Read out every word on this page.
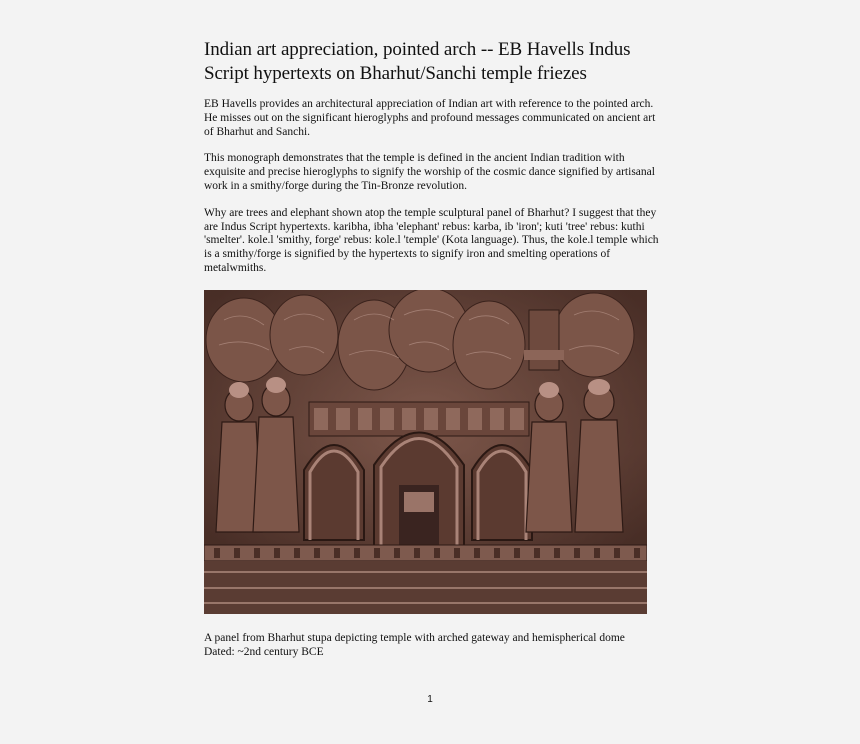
Indian art appreciation, pointed arch -- EB Havells Indus Script hypertexts on Bharhut/Sanchi temple friezes

EB Havells provides an architectural appreciation of Indian art with reference to the pointed arch. He misses out on the significant hieroglyphs and profound messages communicated on ancient art of Bharhut and Sanchi.

This monograph demonstrates that the temple is defined in the ancient Indian tradition with exquisite and precise hieroglyphs to signify the worship of the cosmic dance signified by artisanal work in a smithy/forge during the Tin-Bronze revolution.

Why are trees and elephant shown atop the temple sculptural panel of Bharhut? I suggest that they are Indus Script hypertexts. karibha, ibha 'elephant' rebus: karba, ib 'iron'; kuti 'tree' rebus: kuthi 'smelter'. kole.l 'smithy, forge' rebus: kole.l 'temple' (Kota language). Thus, the kole.l temple which is a smithy/forge is signified by the hypertexts to signify iron and smelting operations of metalwmiths.

A panel from Bharhut stupa depicting temple with arched gateway and hemispherical dome
Dated: ~2nd century BCE

1
